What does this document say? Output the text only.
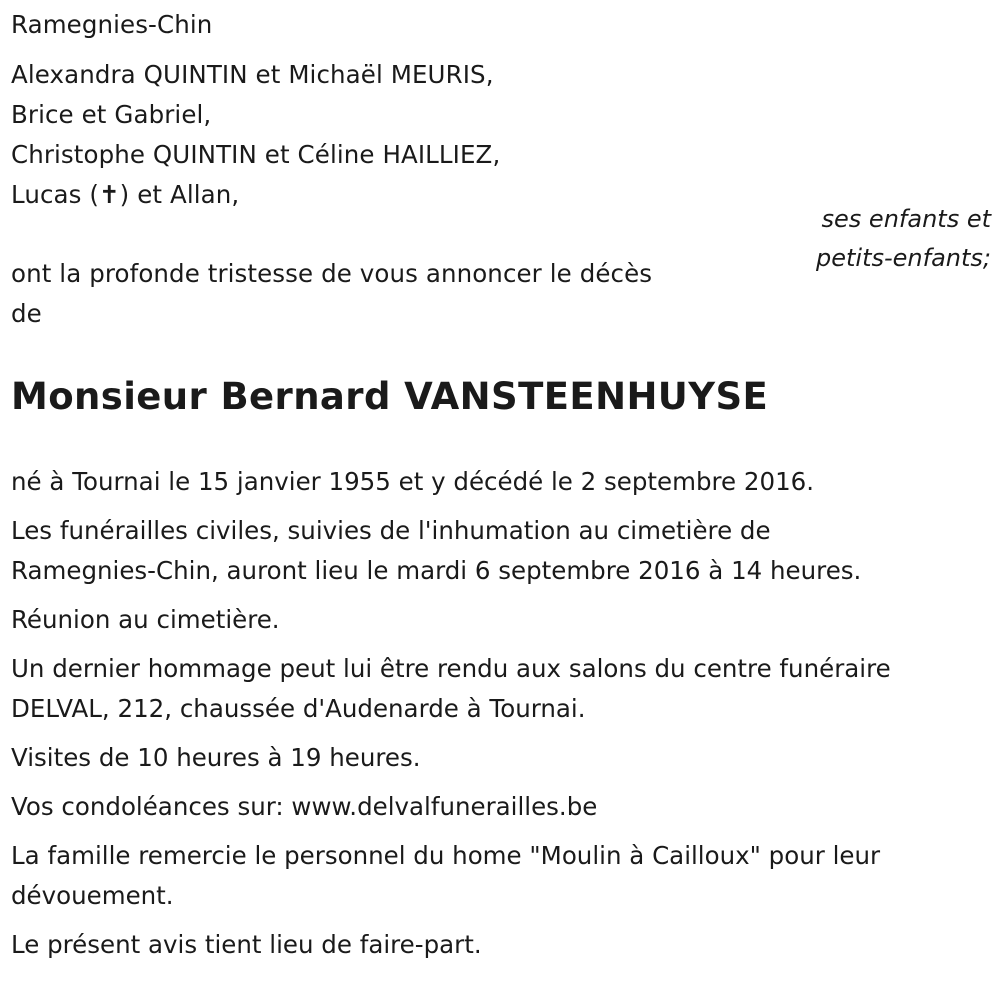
Ramegnies-Chin
Alexandra QUINTIN et Michaël MEURIS,
Brice et Gabriel,
Christophe QUINTIN et Céline HAILLIEZ,
Lucas (✝) et Allan,
ses enfants et
petits-enfants;
ont la profonde tristesse de vous annoncer le décès
de
Monsieur Bernard VANSTEENHUYSE
né à Tournai le 15 janvier 1955 et y décédé le 2 septembre 2016.
Les funérailles civiles, suivies de l'inhumation au cimetière de
Ramegnies-Chin, auront lieu le mardi 6 septembre 2016 à 14 heures.
Réunion au cimetière.
Un dernier hommage peut lui être rendu aux salons du centre funéraire
DELVAL, 212, chaussée d'Audenarde à Tournai.
Visites de 10 heures à 19 heures.
Vos condoléances sur: www.delvalfunerailles.be
La famille remercie le personnel du home "Moulin à Cailloux" pour leur
dévouement.
Le présent avis tient lieu de faire-part.
